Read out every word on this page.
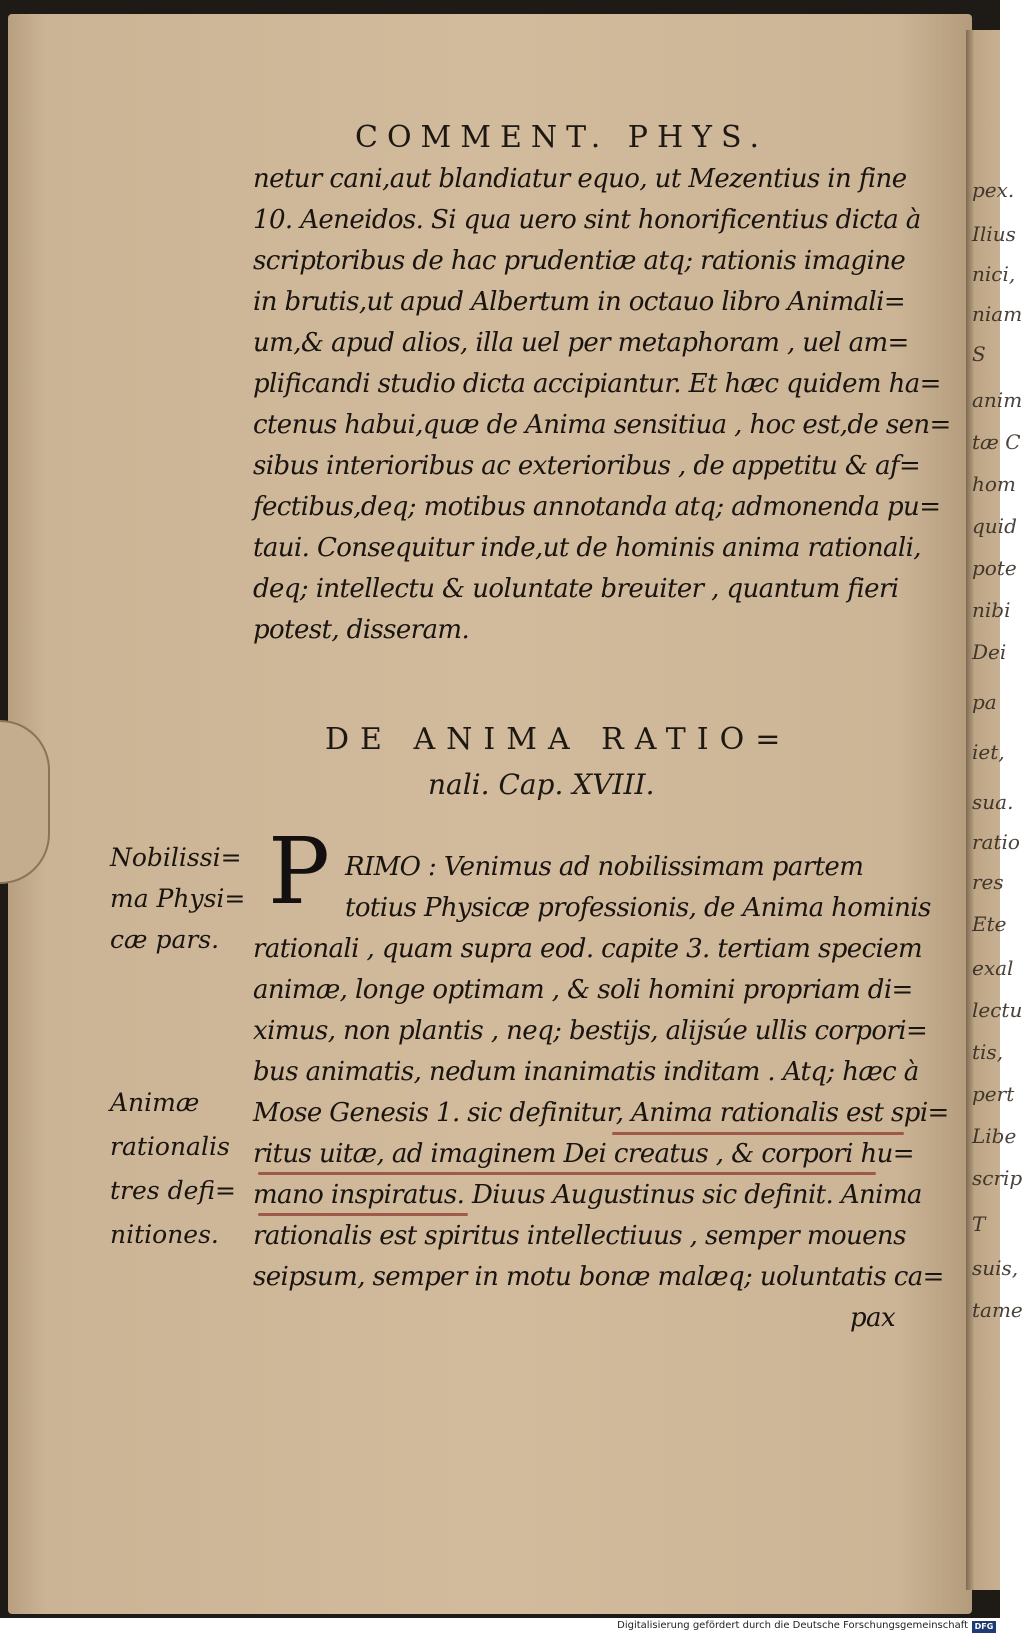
pex.
Ilius
nici,
niam
S
anim
tæ C
hom
quid
pote
nibi
Dei
pa
iet,
sua.
ratio
res
Ete
exal
lectu
tis,
pert
Libe
scrip
T
suis,
tame
COMMENT. PHYS.
netur cani,aut blandiatur equo, ut Mezentius in fine
10. Aeneidos. Si qua uero sint honorificentius dicta à
scriptoribus de hac prudentiæ atq; rationis imagine
in brutis,ut apud Albertum in octauo libro Animali=
um,& apud alios, illa uel per metaphoram , uel am=
plificandi studio dicta accipiantur. Et hæc quidem ha=
ctenus habui,quæ de Anima sensitiua , hoc est,de sen=
sibus interioribus ac exterioribus , de appetitu & af=
fectibus,deq; motibus annotanda atq; admonenda pu=
taui. Consequitur inde,ut de hominis anima rationali,
deq; intellectu & uoluntate breuiter , quantum fieri
potest, disseram.
DE ANIMA RATIO=
nali. Cap. XVIII.
P RIMO : Venimus ad nobilissimam partem
totius Physicæ professionis, de Anima hominis
rationali , quam supra eod. capite 3. tertiam speciem
animæ, longe optimam , & soli homini propriam di=
ximus, non plantis , neq; bestijs, alijsúe ullis corpori=
bus animatis, nedum inanimatis inditam . Atq; hæc à
Mose Genesis 1. sic definitur, Anima rationalis est spi=
ritus uitæ, ad imaginem Dei creatus , & corpori hu=
mano inspiratus. Diuus Augustinus sic definit. Anima
rationalis est spiritus intellectiuus , semper mouens
seipsum, semper in motu bonæ malæq; uoluntatis ca=
pax
Nobilissi=
ma Physi=
cæ pars.
Animæ
rationalis
tres defi=
nitiones.
Digitalisierung gefördert durch die Deutsche Forschungsgemeinschaft DFG
